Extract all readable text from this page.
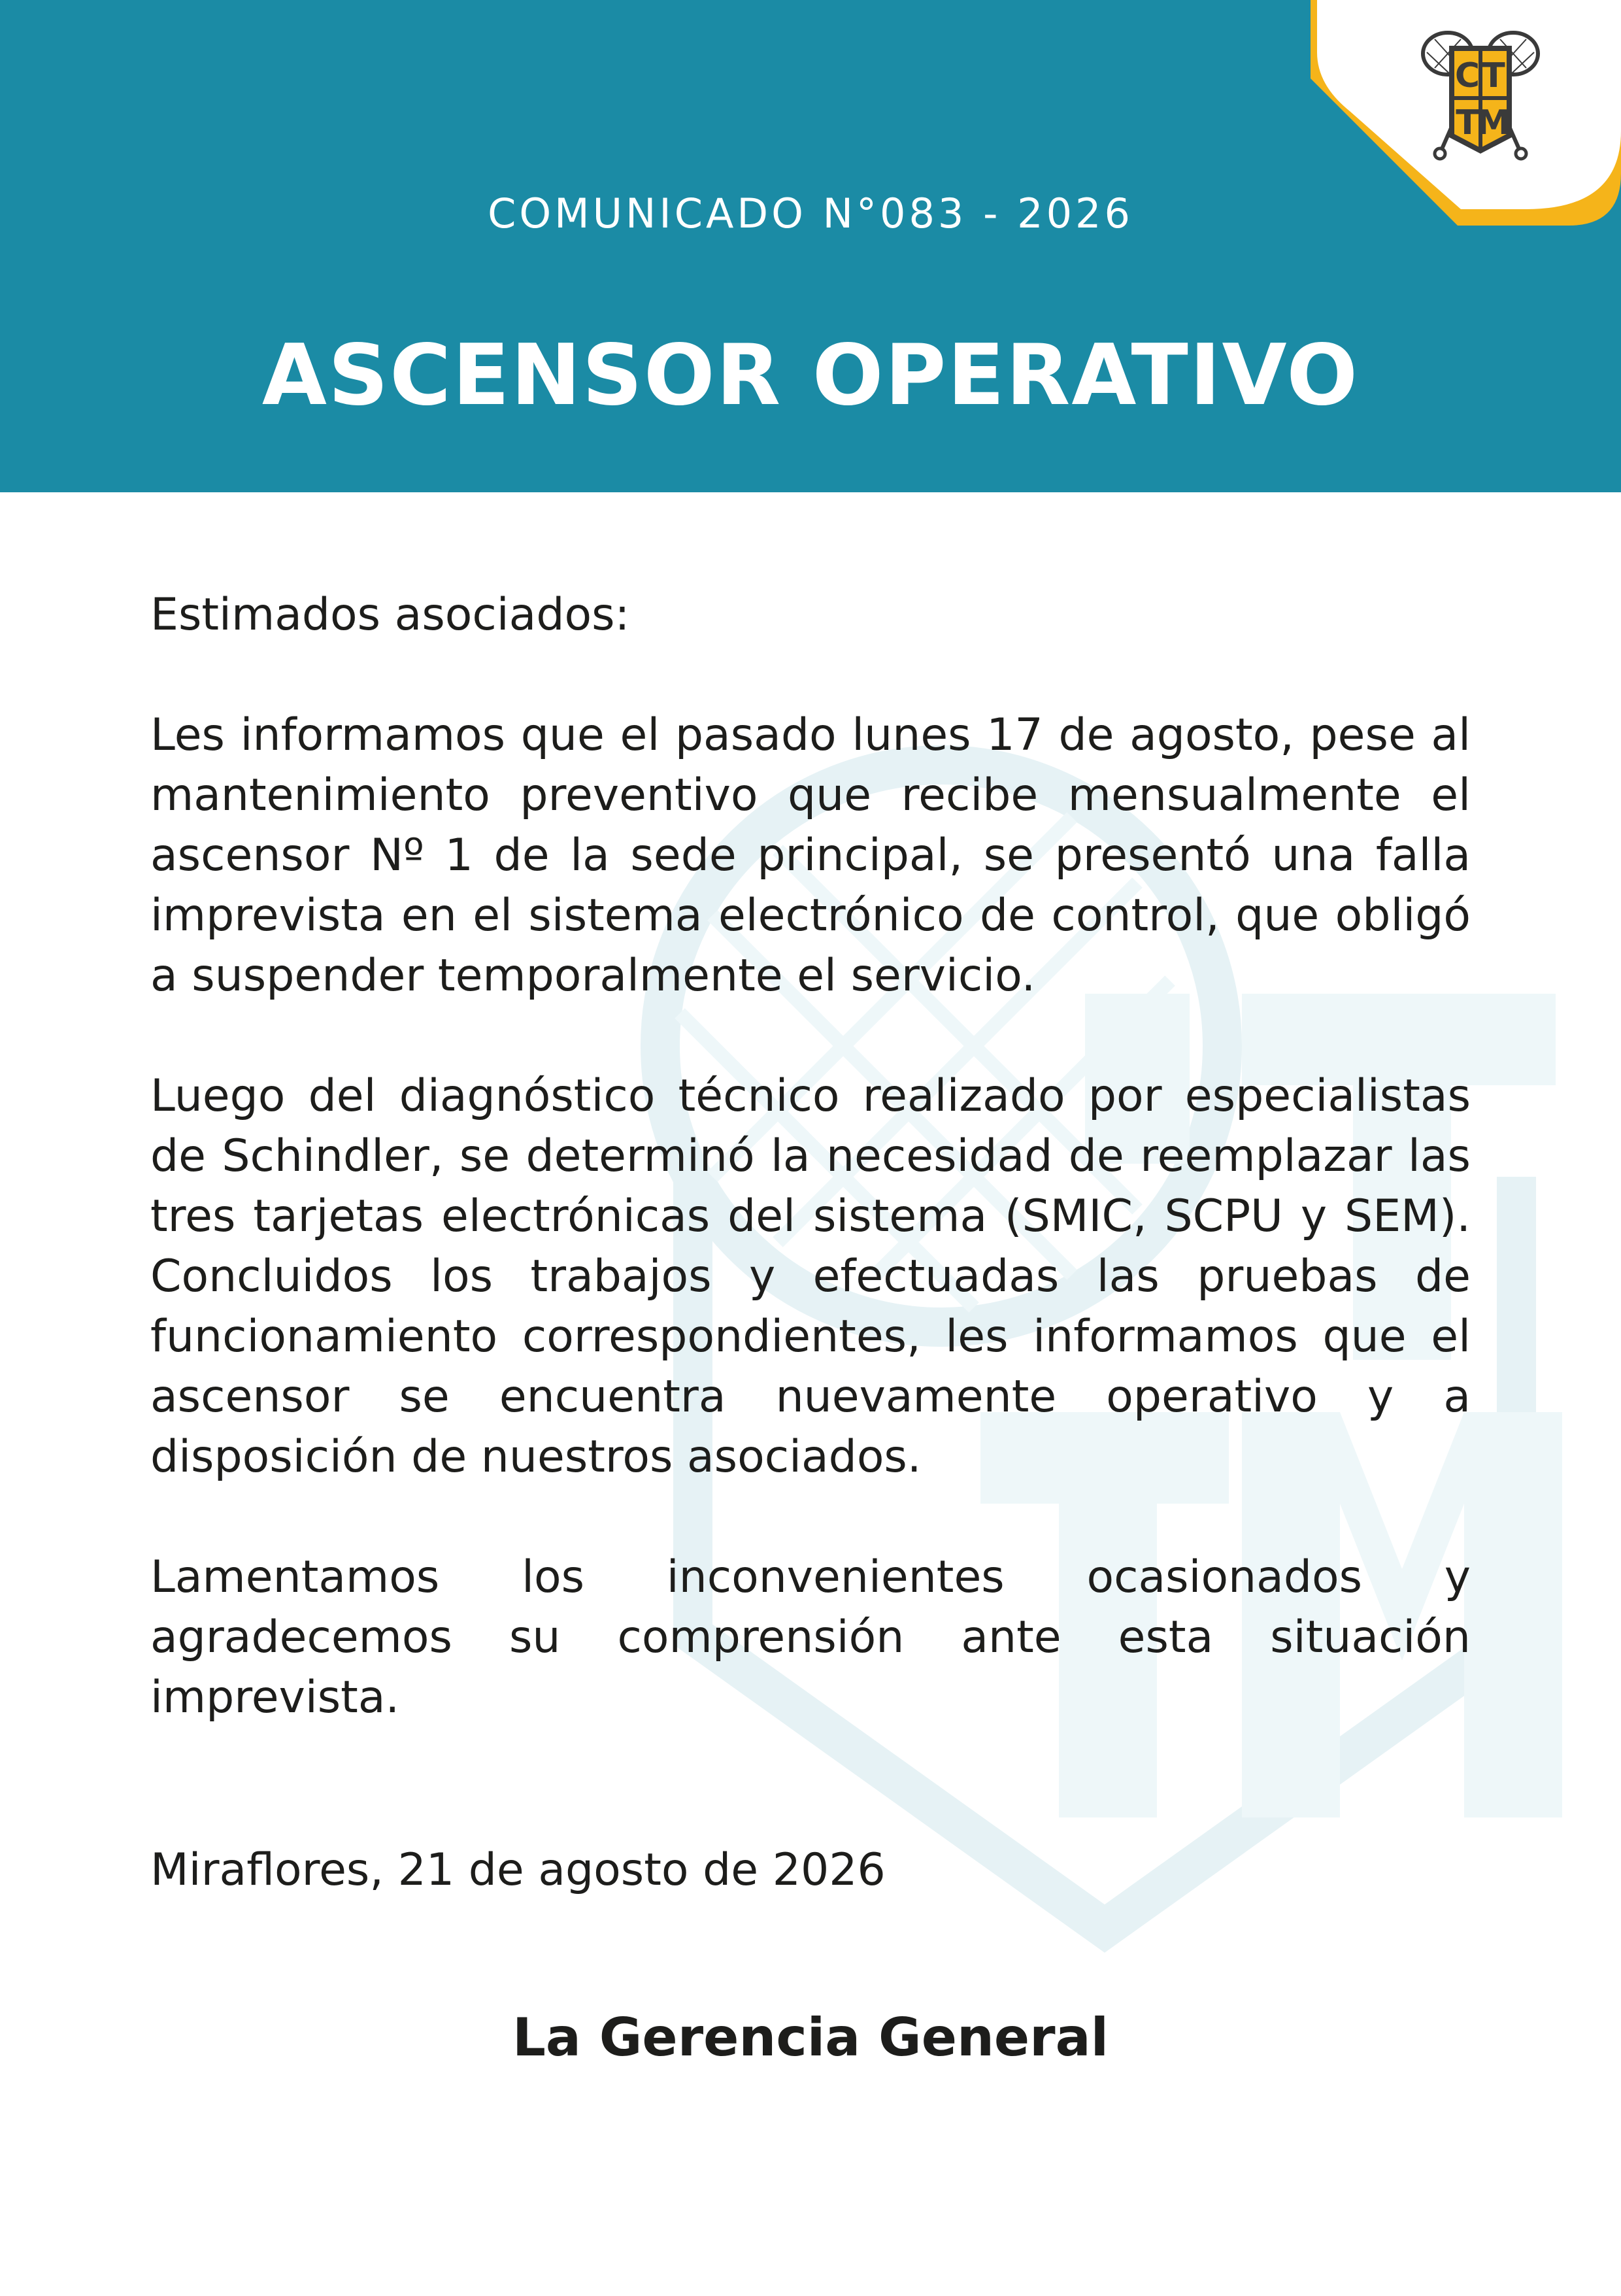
COMUNICADO N°083 - 2026
ASCENSOR OPERATIVO
C T
T
M

Estimados asociados:

Les informamos que el pasado lunes 17 de agosto, pese al mantenimiento preventivo que recibe mensualmente el ascensor Nº 1 de la sede principal, se presentó una falla imprevista en el sistema electrónico de control, que obligó a suspender temporalmente el servicio.

Luego del diagnóstico técnico realizado por especialistas de Schindler, se determinó la necesidad de reemplazar las tres tarjetas electrónicas del sistema (SMIC, SCPU y SEM). Concluidos los trabajos y efectuadas las pruebas de funcionamiento correspondientes, les informamos que el ascensor se encuentra nuevamente operativo y a disposición de nuestros asociados.

Lamentamos los inconvenientes ocasionados y agradecemos su comprensión ante esta situación imprevista.

Miraflores, 21 de agosto de 2026
La Gerencia General
